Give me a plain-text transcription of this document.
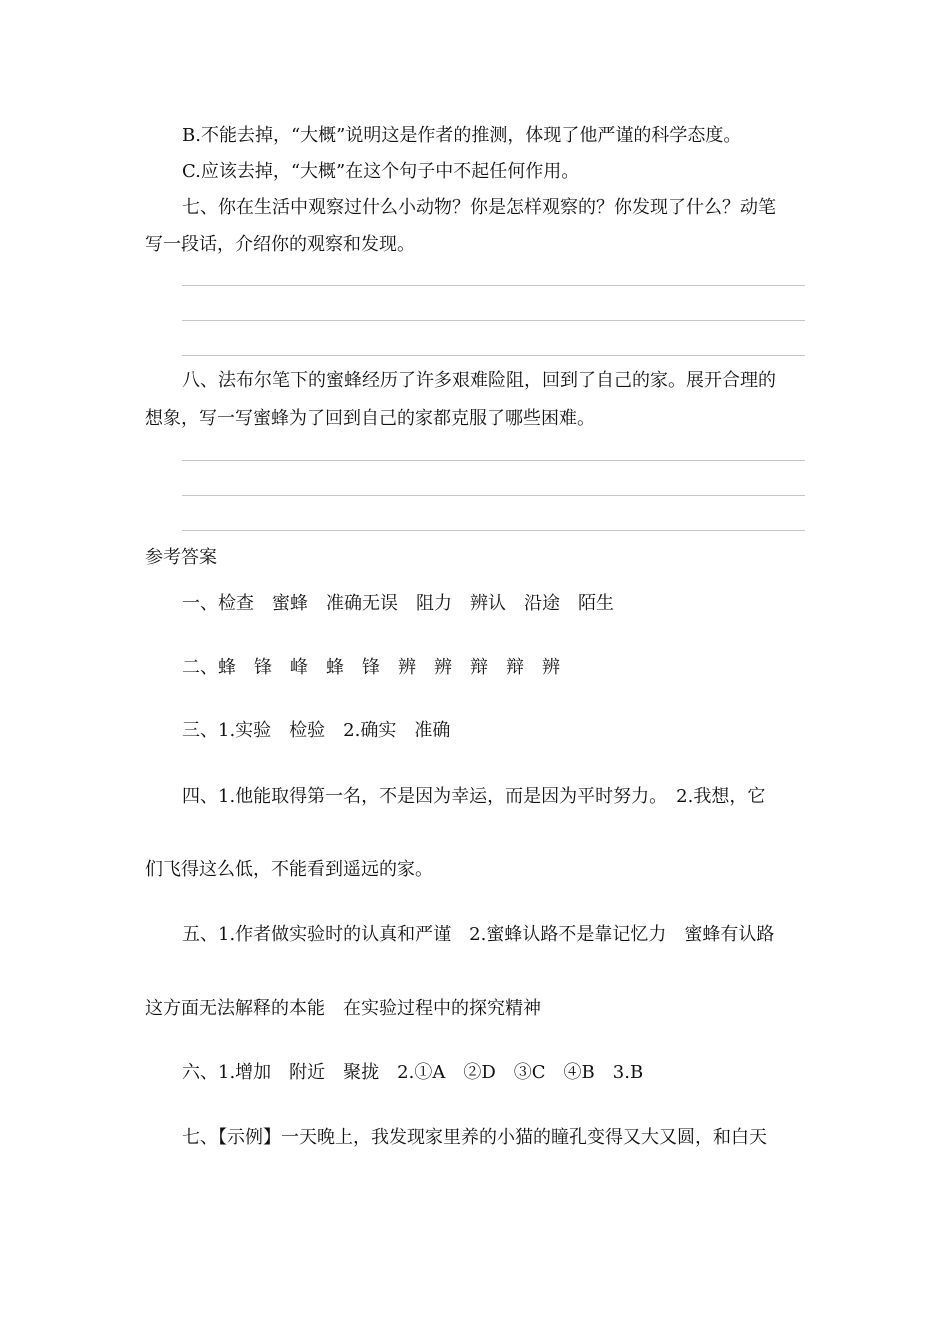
B.不能去掉，“大概”说明这是作者的推测，体现了他严谨的科学态度。
C.应该去掉，“大概”在这个句子中不起任何作用。
七、你在生活中观察过什么小动物？你是怎样观察的？你发现了什么？动笔
写一段话，介绍你的观察和发现。
八、法布尔笔下的蜜蜂经历了许多艰难险阻，回到了自己的家。展开合理的
想象，写一写蜜蜂为了回到自己的家都克服了哪些困难。
参考答案
一、检查　蜜蜂　准确无误　阻力　辨认　沿途　陌生
二、蜂　锋　峰　蜂　锋　辨　辨　辩　辩　辨
三、1.实验　检验　2.确实　准确
四、1.他能取得第一名，不是因为幸运，而是因为平时努力。　2.我想，它
们飞得这么低，不能看到遥远的家。
五、1.作者做实验时的认真和严谨　2.蜜蜂认路不是靠记忆力　蜜蜂有认路
这方面无法解释的本能　在实验过程中的探究精神
六、1.增加　附近　聚拢　2.①A　②D　③C　④B　3.B
七、【示例】一天晚上，我发现家里养的小猫的瞳孔变得又大又圆，和白天
